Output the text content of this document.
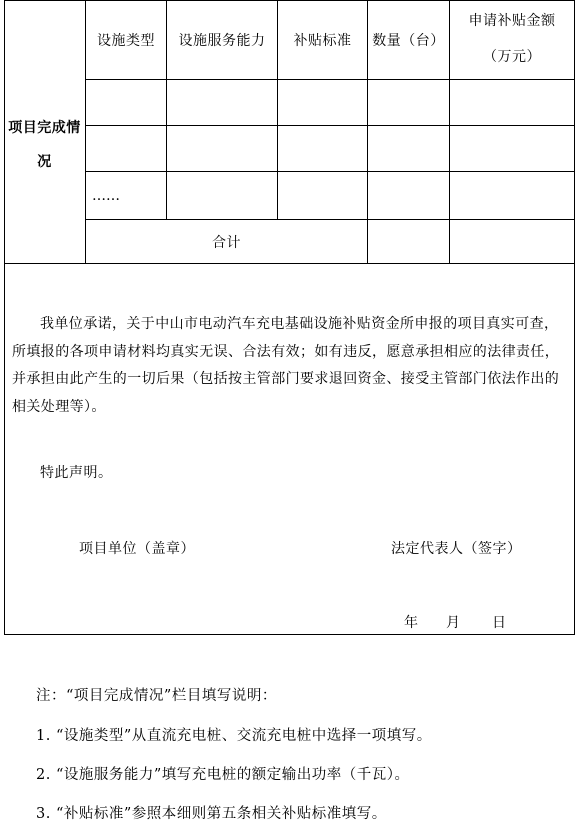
项目完成情况
设施类型 设施服务能力 补贴标准 数量（台）
申请补贴金额
（万元）
……
合计
我单位承诺，关于中山市电动汽车充电基础设施补贴资金所申报的项目真实可查，所填报的各项申请材料均真实无误、合法有效；如有违反，愿意承担相应的法律责任，并承担由此产生的一切后果（包括按主管部门要求退回资金、接受主管部门依法作出的相关处理等）。
特此声明。
项目单位（盖章）	法定代表人（签字）
年 月 日
注：“项目完成情况”栏目填写说明：
1. “设施类型”从直流充电桩、交流充电桩中选择一项填写。
2. “设施服务能力”填写充电桩的额定输出功率（千瓦）。
3. “补贴标准”参照本细则第五条相关补贴标准填写。
